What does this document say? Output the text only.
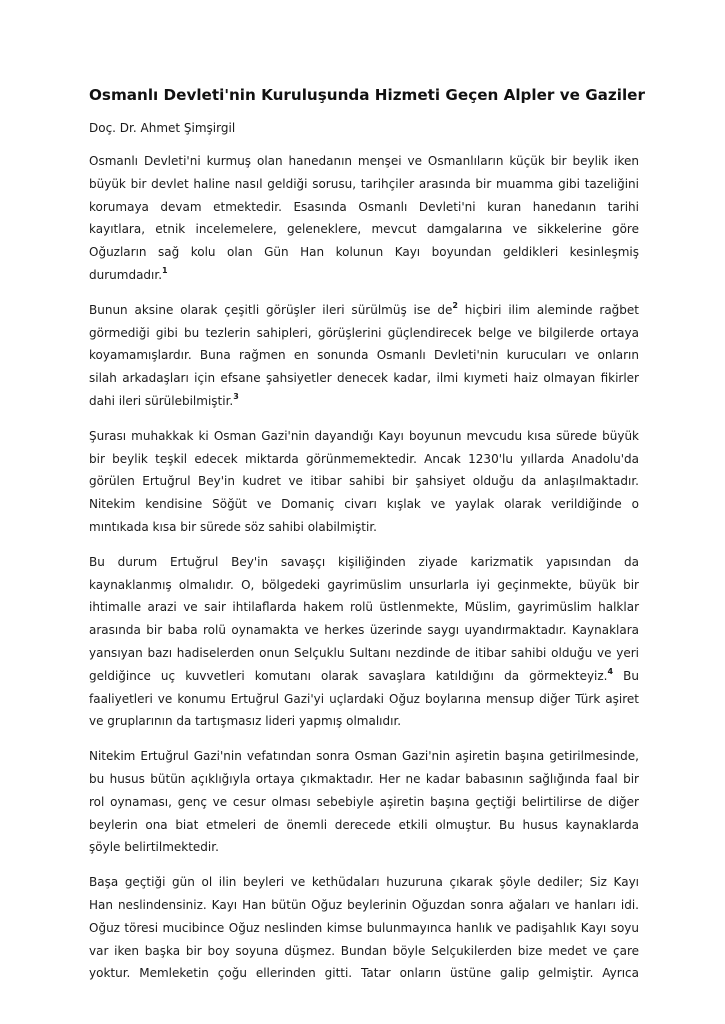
Osmanlı Devleti'nin Kuruluşunda Hizmeti Geçen Alpler ve Gaziler
Doç. Dr. Ahmet Şimşirgil
Osmanlı Devleti'ni kurmuş olan hanedanın menşei ve Osmanlıların küçük bir beylik iken
büyük bir devlet haline nasıl geldiği sorusu, tarihçiler arasında bir muamma gibi tazeliğini
korumaya devam etmektedir. Esasında Osmanlı Devleti'ni kuran hanedanın tarihi
kayıtlara, etnik incelemelere, geleneklere, mevcut damgalarına ve sikkelerine göre
Oğuzların sağ kolu olan Gün Han kolunun Kayı boyundan geldikleri kesinleşmiş
durumdadır.$^1$
Bunun aksine olarak çeşitli görüşler ileri sürülmüş ise $de^2$ hiçbiri ilim aleminde rağbet
görmediği gibi bu tezlerin sahipleri, görüşlerini güçlendirecek belge ve bilgilerde ortaya
koyamamışlardır. Buna rağmen en sonunda Osmanlı Devleti'nin kurucuları ve onların
silah arkadaşları için efsane şahsiyetler denecek kadar, ilmi kıymeti haiz olmayan fikirler
dahi ileri sürülebilmiştir.$^3$
Şurası muhakkak ki Osman Gazi'nin dayandığı Kayı boyunun mevcudu kısa sürede büyük
bir beylik teşkil edecek miktarda görünmemektedir. Ancak 1230'lu yıllarda Anadolu'da
görülen Ertuğrul Bey'in kudret ve itibar sahibi bir şahsiyet olduğu da anlaşılmaktadır.
Nitekim kendisine Söğüt ve Domaniç civarı kışlak ve yaylak olarak verildiğinde o
mıntıkada kısa bir sürede söz sahibi olabilmiştir.
Bu durum Ertuğrul Bey'in savaşçı kişiliğinden ziyade karizmatik yapısından da
kaynaklanmış olmalıdır. O, bölgedeki gayrimüslim unsurlarla iyi geçinmekte, büyük bir
ihtimalle arazi ve sair ihtilaflarda hakem rolü üstlenmekte, Müslim, gayrimüslim halklar
arasında bir baba rolü oynamakta ve herkes üzerinde saygı uyandırmaktadır. Kaynaklara
yansıyan bazı hadiselerden onun Selçuklu Sultanı nezdinde de itibar sahibi olduğu ve yeri
geldiğince uç kuvvetleri komutanı olarak savaşlara katıldığını da görmekteyiz.$^4$ Bu
faaliyetleri ve konumu Ertuğrul Gazi'yi uçlardaki Oğuz boylarına mensup diğer Türk aşiret
ve gruplarının da tartışmasız lideri yapmış olmalıdır.
Nitekim Ertuğrul Gazi'nin vefatından sonra Osman Gazi'nin aşiretin başına getirilmesinde,
bu husus bütün açıklığıyla ortaya çıkmaktadır. Her ne kadar babasının sağlığında faal bir
rol oynaması, genç ve cesur olması sebebiyle aşiretin başına geçtiği belirtilirse de diğer
beylerin ona biat etmeleri de önemli derecede etkili olmuştur. Bu husus kaynaklarda
şöyle belirtilmektedir.
Başa geçtiği gün ol ilin beyleri ve kethüdaları huzuruna çıkarak şöyle dediler; Siz Kayı
Han neslindensiniz. Kayı Han bütün Oğuz beylerinin Oğuzdan sonra ağaları ve hanları idi.
Oğuz töresi mucibince Oğuz neslinden kimse bulunmayınca hanlık ve padişahlık Kayı soyu
var iken başka bir boy soyuna düşmez. Bundan böyle Selçukilerden bize medet ve çare
yoktur. Memleketin çoğu ellerinden gitti. Tatar onların üstüne galip gelmiştir. Ayrıca
